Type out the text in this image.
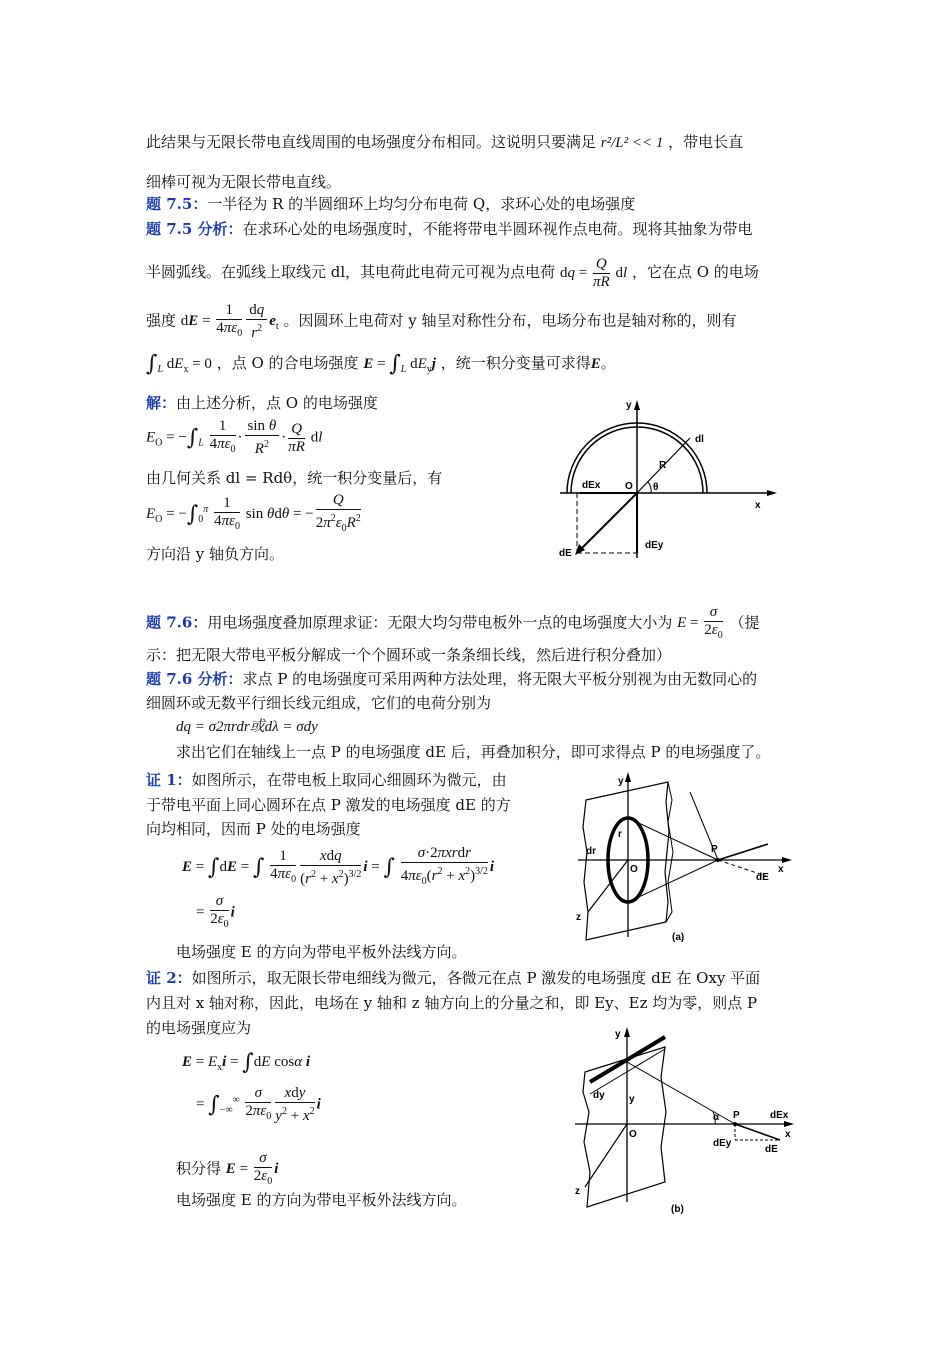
此结果与无限长带电直线周围的电场强度分布相同。这说明只要满足 r²/L² << 1 ，带电长直
细棒可视为无限长带电直线。
题 7.5：一半径为 R 的半圆细环上均匀分布电荷 Q，求环心处的电场强度
题 7.5 分析：在求环心处的电场强度时，不能将带电半圆环视作点电荷。现将其抽象为带电
半圆弧线。在弧线上取线元 dl，其电荷此电荷元可视为点电荷 dq = $\frac{Q}{\pi R}$ dl ，它在点 O 的电场
强度 dE = $\frac{1}{4\pi\varepsilon_0} \frac{dq}{r^2} e_t$ 。因圆环上电荷对 y 轴呈对称性分布，电场分布也是轴对称的，则有
$\int_L$ $dE_x = 0$ ，点 O 的合电场强度 $E = \int_L$ $dE_yj$ ，统一积分变量可求得E。
解：由上述分析，点 O 的电场强度
$E_O = -\int_L \frac{1}{4\pi\varepsilon_0} \cdot \frac{\text{sin θ}}{R^2} \cdot \frac{Q}{\pi R}$ dl
由几何关系 dl = Rdθ，统一积分变量后，有
$E_O = -\int_0^\pi \frac{1}{4\pi\varepsilon_0}$ sin θdθ = − $\frac{Q}{2\pi^2\varepsilon_0R^2}$
方向沿 y 轴负方向。
y
x
O
dl
R
θ
dEx
dEy
dE
题 7.6：用电场强度叠加原理求证：无限大均匀带电板外一点的电场强度大小为 $E = \frac{\sigma}{2\varepsilon_0}$ （提
示：把无限大带电平板分解成一个个圆环或一条条细长线，然后进行积分叠加）
题 7.6 分析：求点 P 的电场强度可采用两种方法处理，将无限大平板分别视为由无数同心的
细圆环或无数平行细长线元组成，它们的电荷分别为
dq = σ2πrdr或dλ = σdy
求出它们在轴线上一点 P 的电场强度 dE 后，再叠加积分，即可求得点 P 的电场强度了。
证 1：如图所示，在带电板上取同心细圆环为微元，由
于带电平面上同心圆环在点 P 激发的电场强度 dE 的方
向均相同，因而 P 处的电场强度
E = ∫dE = ∫ $\frac{1}{4\pi\varepsilon_0} \frac{\text{xdq}}{(r^2 + x^2)^{3/2}}$ i = ∫ $\frac{\text{σ·2πxrdr}}{4\pi\varepsilon_0(r^2 + x^2)^{3/2}}$ i
= $\frac{\sigma}{2\varepsilon_0}$ i
电场强度 E 的方向为带电平板外法线方向。
y
z
x
P
O
r
dr
dE
(a)
证 2：如图所示，取无限长带电细线为微元，各微元在点 P 激发的电场强度 dE 在 Oxy 平面
内且对 x 轴对称，因此，电场在 y 轴和 z 轴方向上的分量之和，即 Ey、Ez 均为零，则点 P
的电场强度应为
$E = E_xi = \int dE$ cosα i
= $\int_{-\infty}^\infty \frac{\sigma}{2\pi\varepsilon_0} \frac{\text{xdy}}{y^2 + x^2}$ i
积分得 $E = \frac{\sigma}{2\varepsilon_0}$ i
电场强度 E 的方向为带电平板外法线方向。
y
z
x
P
O
dy y
α	dEx
dEy
dE
(b)
